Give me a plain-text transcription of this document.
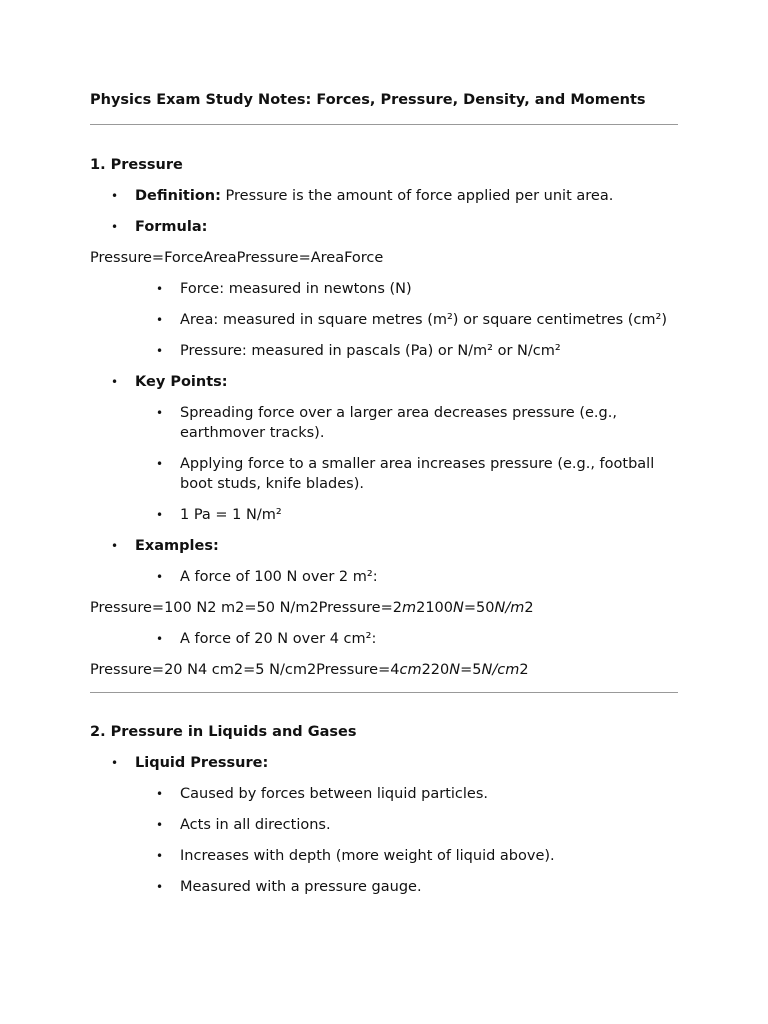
Physics Exam Study Notes: Forces, Pressure, Density, and Moments
1. Pressure
• Definition: Pressure is the amount of force applied per unit area.
• Formula:
Pressure=ForceAreaPressure=AreaForce
• Force: measured in newtons (N)
• Area: measured in square metres (m²) or square centimetres (cm²)
• Pressure: measured in pascals (Pa) or N/m² or N/cm²
• Key Points:
• Spreading force over a larger area decreases pressure (e.g., earthmover tracks).
• Applying force to a smaller area increases pressure (e.g., football boot studs, knife blades).
• 1 Pa = 1 N/m²
• Examples:
• A force of 100 N over 2 m²:
Pressure=100 N2 m2=50 N/m2Pressure=2m2100N=50N/m2
• A force of 20 N over 4 cm²:
Pressure=20 N4 cm2=5 N/cm2Pressure=4cm220N=5N/cm2
2. Pressure in Liquids and Gases
• Liquid Pressure:
• Caused by forces between liquid particles.
• Acts in all directions.
• Increases with depth (more weight of liquid above).
• Measured with a pressure gauge.
